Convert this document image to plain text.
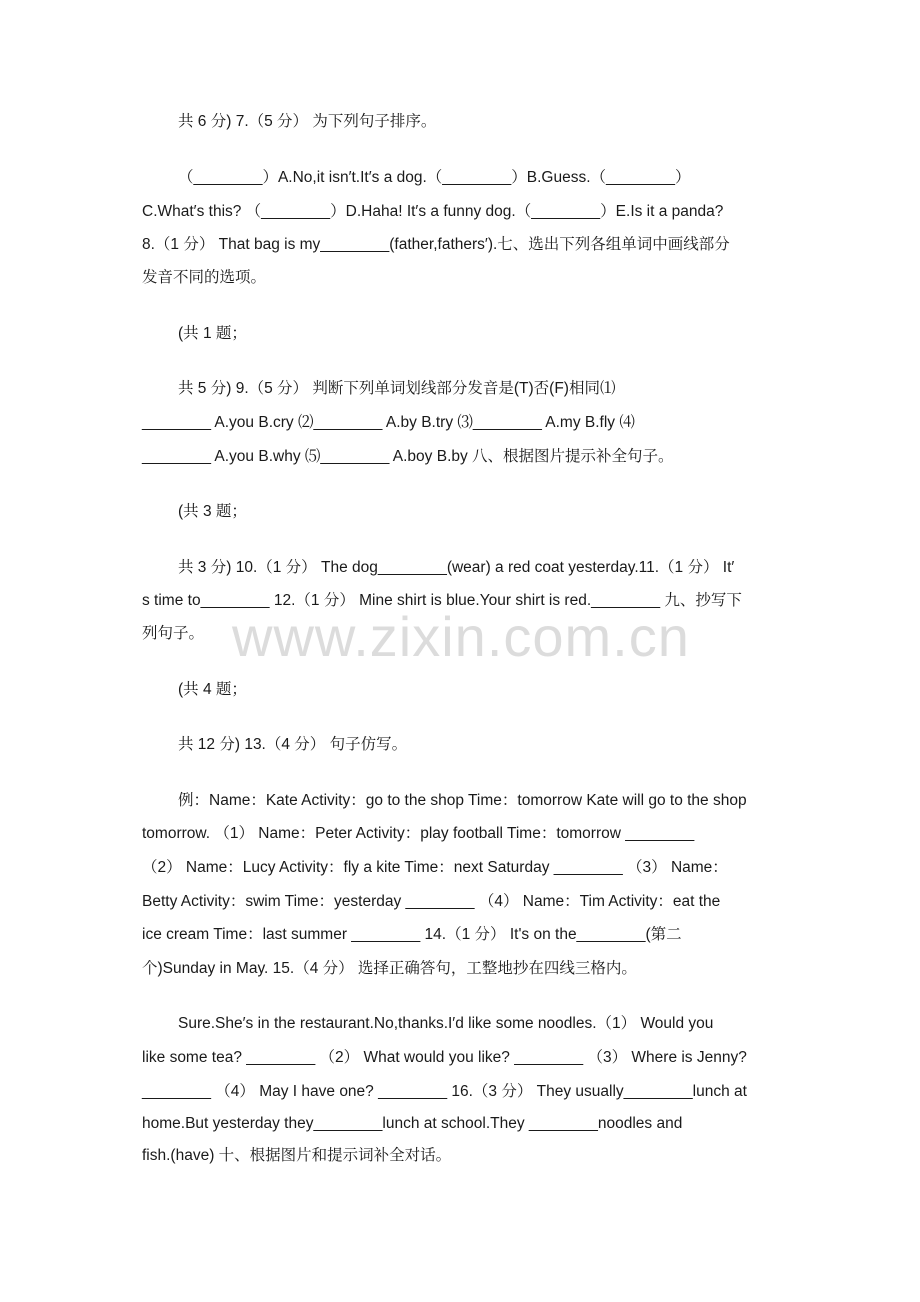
共 6 分) 7.（5 分） 为下列句子排序。
（________）A.No,it isn′t.It′s a dog.（________）B.Guess.（________）
C.What′s this? （________）D.Haha! It′s a funny dog.（________）E.Is it a panda?
8.（1 分） That bag is my________(father,fathers′).七、选出下列各组单词中画线部分
发音不同的选项。
(共 1 题；
共 5 分) 9.（5 分） 判断下列单词划线部分发音是(T)否(F)相同⑴
________ A.you B.cry ⑵________ A.by B.try ⑶________ A.my B.fly ⑷
________ A.you B.why ⑸________ A.boy B.by 八、根据图片提示补全句子。
(共 3 题；
共 3 分) 10.（1 分） The dog________(wear) a red coat yesterday.11.（1 分） It′
s time to________ 12.（1 分） Mine shirt is blue.Your shirt is red.________ 九、抄写下
列句子。
(共 4 题；
共 12 分) 13.（4 分） 句子仿写。
例：Name：Kate Activity：go to the shop Time：tomorrow Kate will go to the shop
tomorrow. （1） Name：Peter Activity：play football Time：tomorrow ________
（2） Name：Lucy Activity：fly a kite Time：next Saturday ________ （3） Name：
Betty Activity：swim Time：yesterday ________ （4） Name：Tim Activity：eat the
ice cream Time：last summer ________ 14.（1 分） It's on the________(第二
个)Sunday in May. 15.（4 分） 选择正确答句，工整地抄在四线三格内。
Sure.She′s in the restaurant.No,thanks.I′d like some noodles.（1） Would you
like some tea? ________ （2） What would you like? ________ （3） Where is Jenny?
________ （4） May I have one? ________ 16.（3 分） They usually________lunch at
home.But yesterday they________lunch at school.They ________noodles and
fish.(have) 十、根据图片和提示词补全对话。
www.zixin.com.cn
